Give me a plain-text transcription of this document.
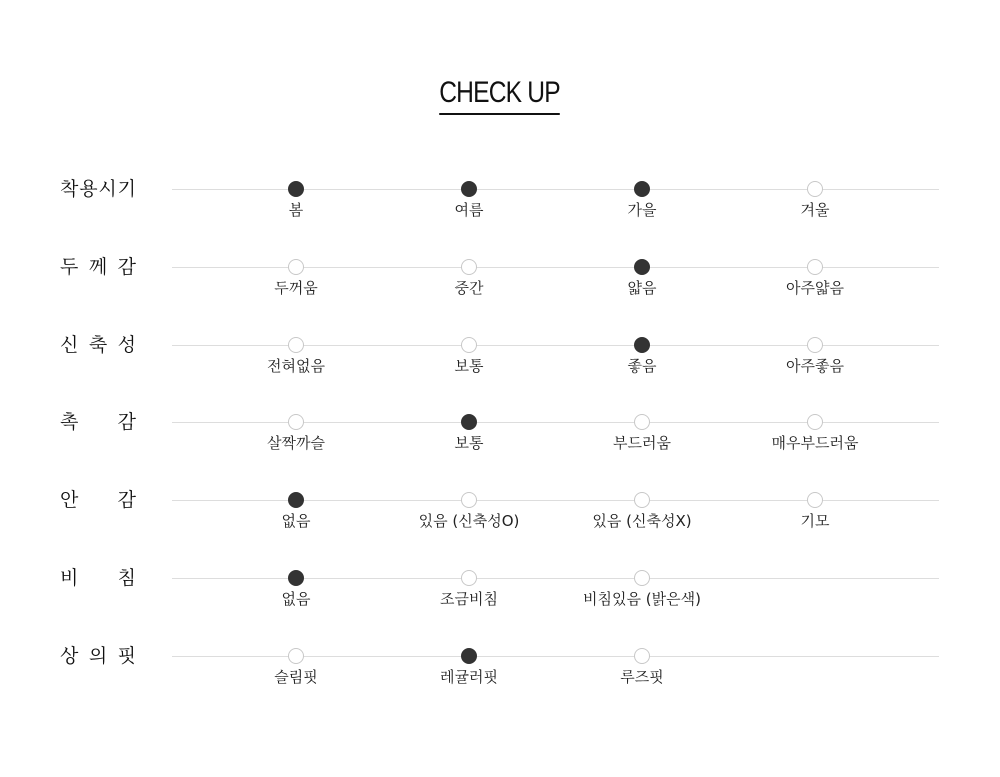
CHECK UP
착 용 시 기
봄	여름	가을	겨울
두 께 감
두꺼움	중간	얇음	아주얇음
신 축 성
전혀없음	보통	좋음	아주좋음
촉 감
살짝까슬	보통	부드러움	매우부드러움
안 감
없음	있음 (신축성O)	있음 (신축성X)	기모
비 침
없음	조금비침	비침있음 (밝은색)
상 의 핏
슬림핏	레귤러핏	루즈핏
